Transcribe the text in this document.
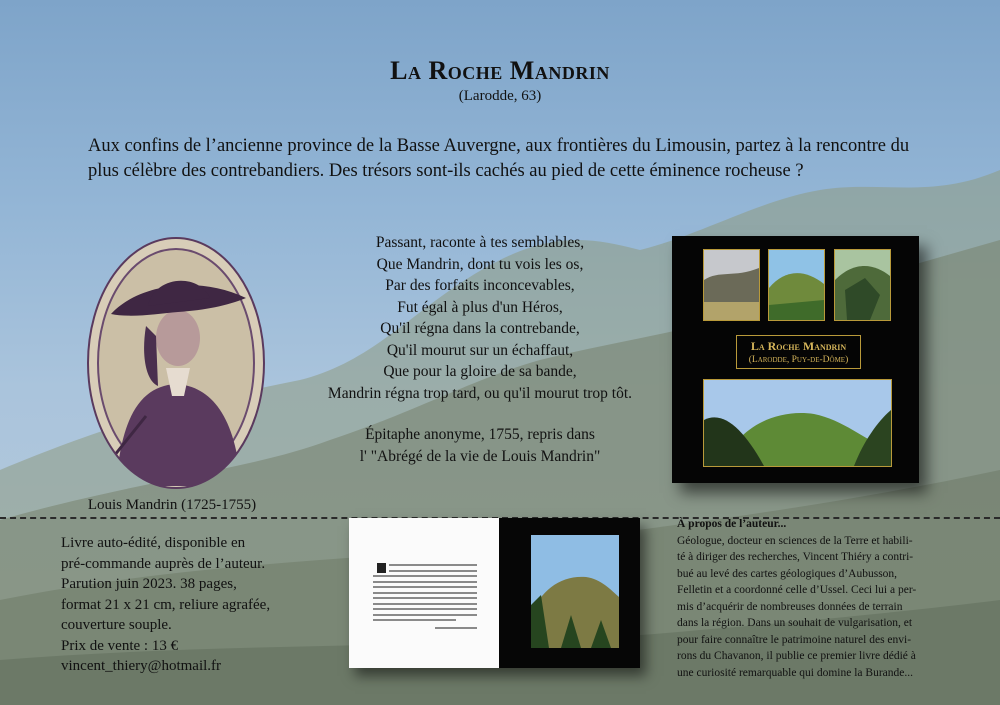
La Roche Mandrin
(Larodde, 63)
Aux confins de l’ancienne province de la Basse Auvergne, aux frontières du Limousin, partez à la rencontre du plus célèbre des contrebandiers. Des trésors sont-ils cachés au pied de cette éminence rocheuse ?
Louis Mandrin (1725-1755)
Passant, raconte à tes semblables,
Que Mandrin, dont tu vois les os,
Par des forfaits inconcevables,
Fut égal à plus d'un Héros,
Qu'il régna dans la contrebande,
Qu'il mourut sur un échaffaut,
Que pour la gloire de sa bande,
Mandrin régna trop tard, ou qu'il mourut trop tôt.
Épitaphe anonyme, 1755, repris dans
l' "Abrégé de la vie de Louis Mandrin"
La Roche Mandrin
(Larodde, Puy-de-Dôme)
Livre auto-édité, disponible en
pré-commande auprès de l’auteur.
Parution juin 2023. 38 pages,
format 21 x 21 cm, reliure agrafée,
couverture souple.
Prix de vente : 13 €
vincent_thiery@hotmail.fr
À propos de l’auteur...
Géologue, docteur en sciences de la Terre et habili-
té à diriger des recherches, Vincent Thiéry a contri-
bué au levé des cartes géologiques d’Aubusson,
Felletin et a coordonné celle d’Ussel. Ceci lui a per-
mis d’acquérir de nombreuses données de terrain
dans la région. Dans un souhait de vulgarisation, et
pour faire connaître le patrimoine naturel des envi-
rons du Chavanon, il publie ce premier livre dédié à
une curiosité remarquable qui domine la Burande...
